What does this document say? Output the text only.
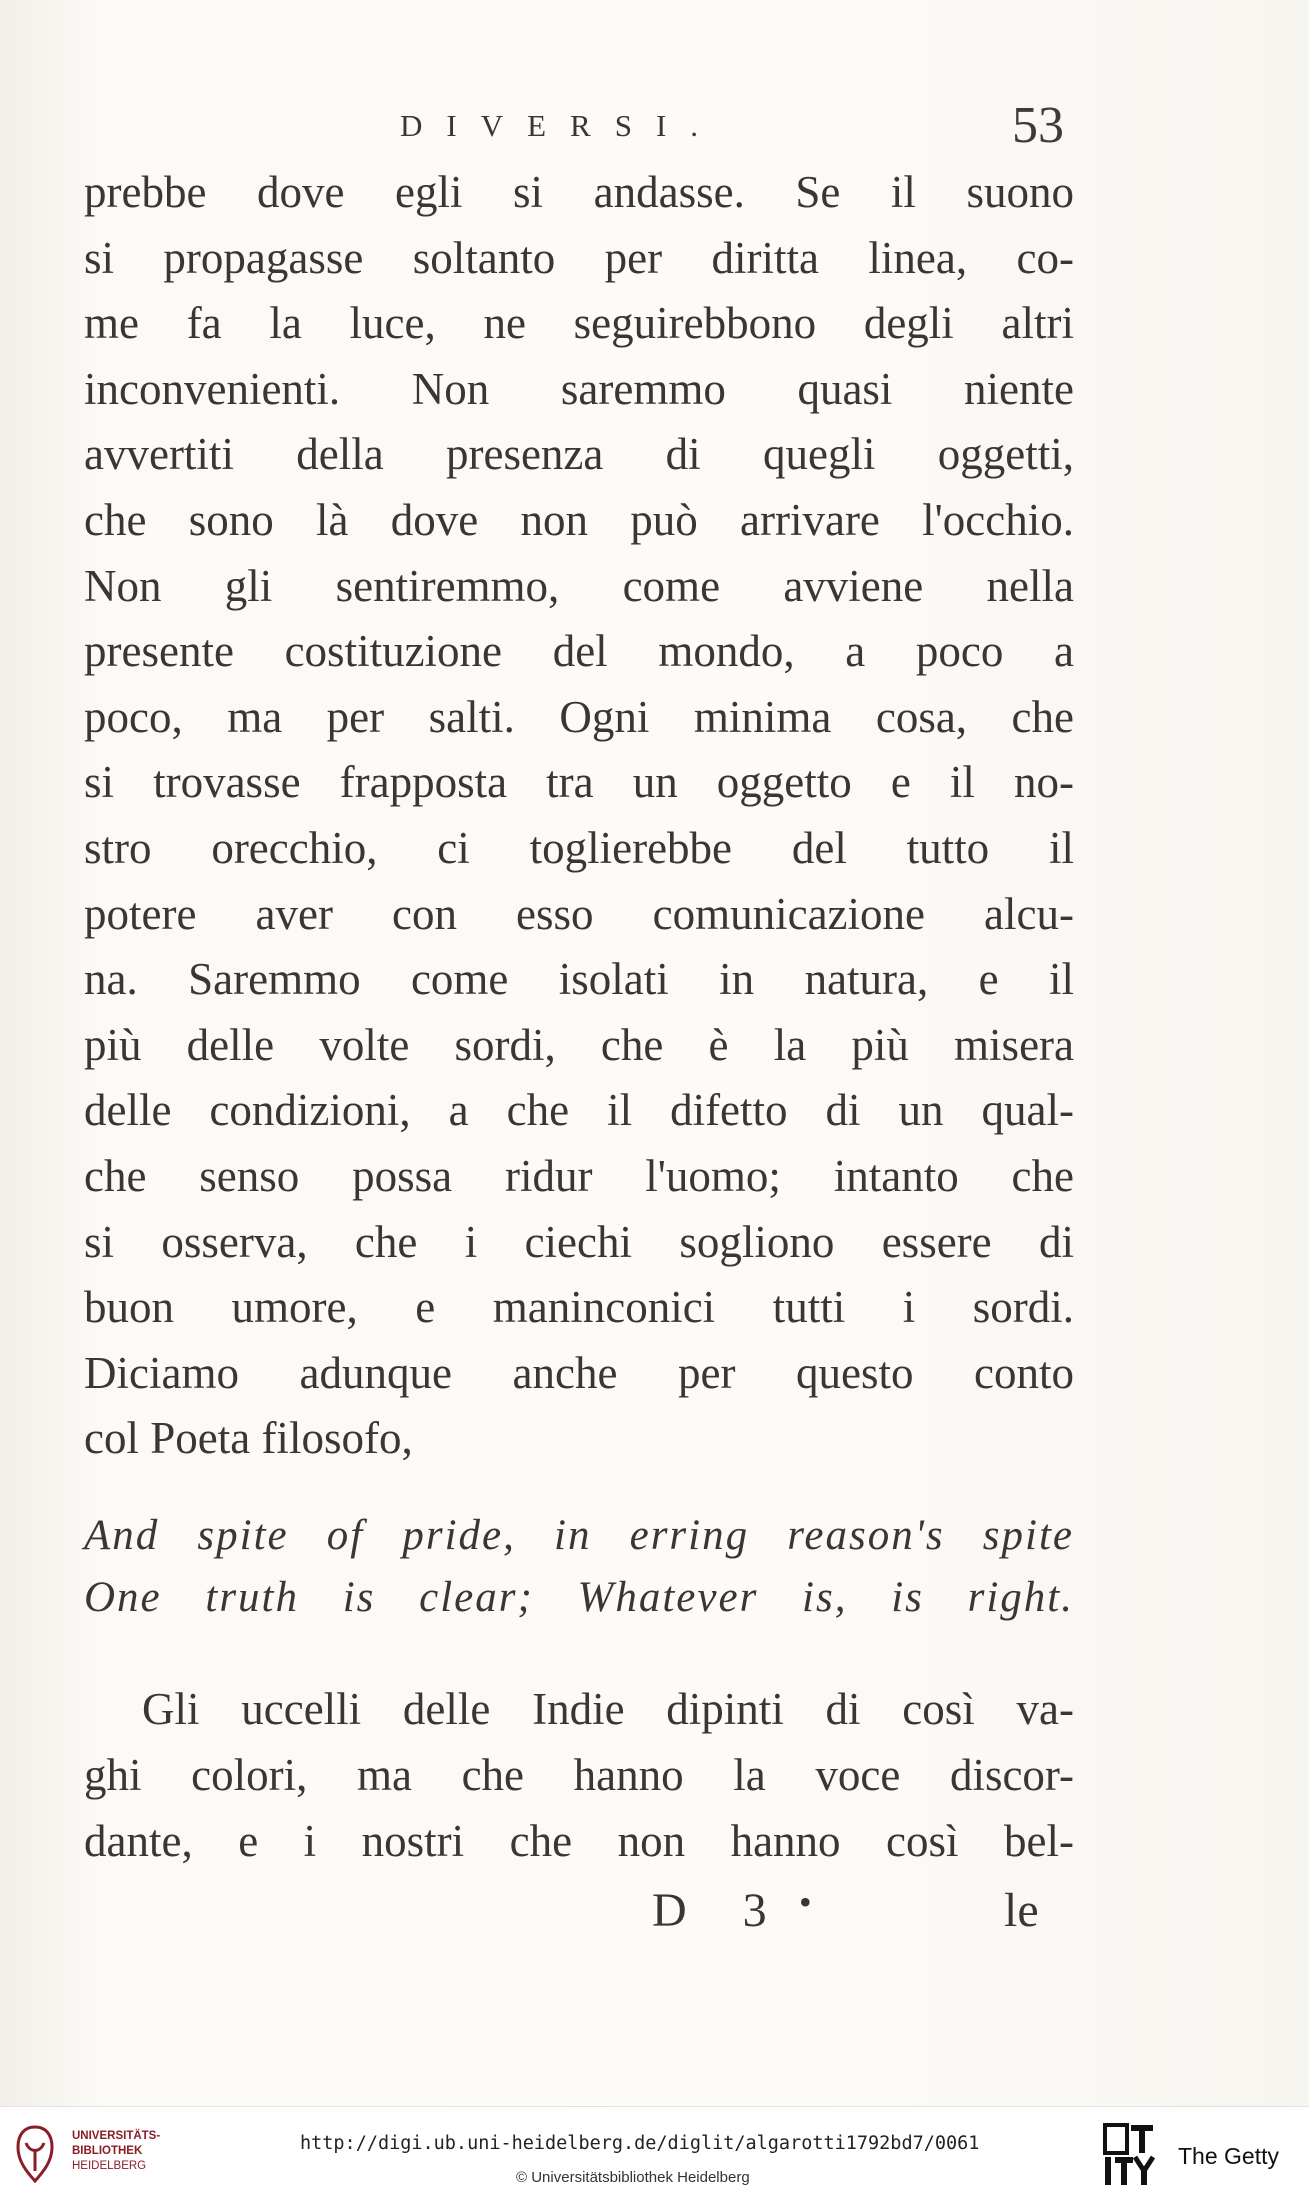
DIVERSI.	53
prebbe dove egli si andasse. Se il suono
si propagasse soltanto per diritta linea, co-
me fa la luce, ne seguirebbono degli altri
inconvenienti. Non saremmo quasi niente
avvertiti della presenza di quegli oggetti,
che sono là dove non può arrivare l'occhio.
Non gli sentiremmo, come avviene nella
presente costituzione del mondo, a poco a
poco, ma per salti. Ogni minima cosa, che
si trovasse frapposta tra un oggetto e il no-
stro orecchio, ci toglierebbe del tutto il
potere aver con esso comunicazione alcu-
na. Saremmo come isolati in natura, e il
più delle volte sordi, che è la più misera
delle condizioni, a che il difetto di un qual-
che senso possa ridur l'uomo; intanto che
si osserva, che i ciechi sogliono essere di
buon umore, e maninconici tutti i sordi.
Diciamo adunque anche per questo conto
col Poeta filosofo,
And spite of pride, in erring reason's spite
One truth is clear; Whatever is, is right.
Gli uccelli delle Indie dipinti di così va-
ghi colori, ma che hanno la voce discor-
dante, e i nostri che non hanno così bel-
D 3 •	le
UNIVERSITÄTS-
BIBLIOTHEK
HEIDELBERG
http://digi.ub.uni-heidelberg.de/diglit/algarotti1792bd7/0061
© Universitätsbibliothek Heidelberg
The Getty
